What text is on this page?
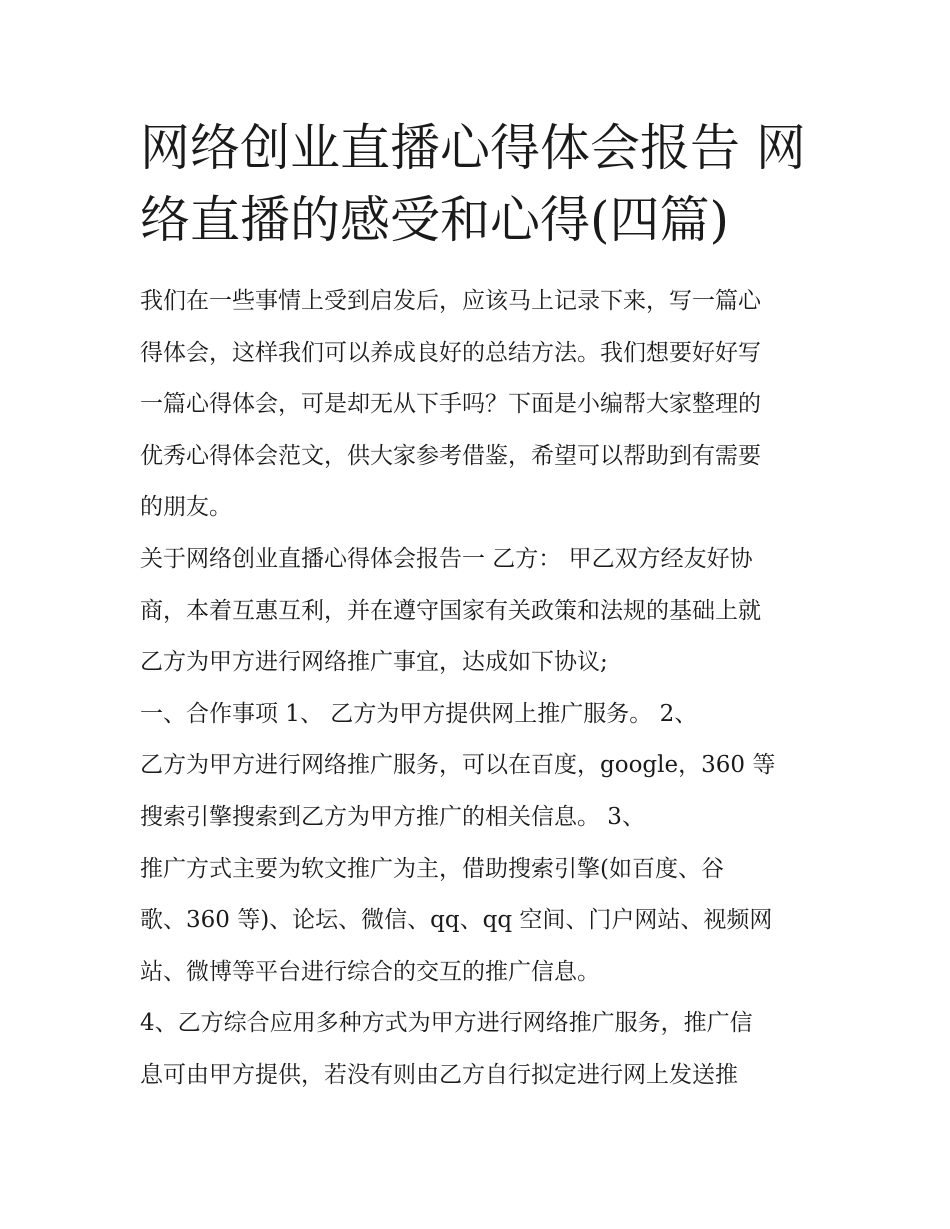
网络创业直播心得体会报告 网
络直播的感受和心得(四篇)
我们在一些事情上受到启发后，应该马上记录下来，写一篇心
得体会，这样我们可以养成良好的总结方法。我们想要好好写
一篇心得体会，可是却无从下手吗？下面是小编帮大家整理的
优秀心得体会范文，供大家参考借鉴，希望可以帮助到有需要
的朋友。
关于网络创业直播心得体会报告一 乙方： 甲乙双方经友好协
商，本着互惠互利，并在遵守国家有关政策和法规的基础上就
乙方为甲方进行网络推广事宜，达成如下协议;
一、合作事项 1、 乙方为甲方提供网上推广服务。 2、
乙方为甲方进行网络推广服务，可以在百度，google，360 等
搜索引擎搜索到乙方为甲方推广的相关信息。 3、
推广方式主要为软文推广为主，借助搜索引擎(如百度、谷
歌、360 等)、论坛、微信、qq、qq 空间、门户网站、视频网
站、微博等平台进行综合的交互的推广信息。
4、乙方综合应用多种方式为甲方进行网络推广服务，推广信
息可由甲方提供，若没有则由乙方自行拟定进行网上发送推
